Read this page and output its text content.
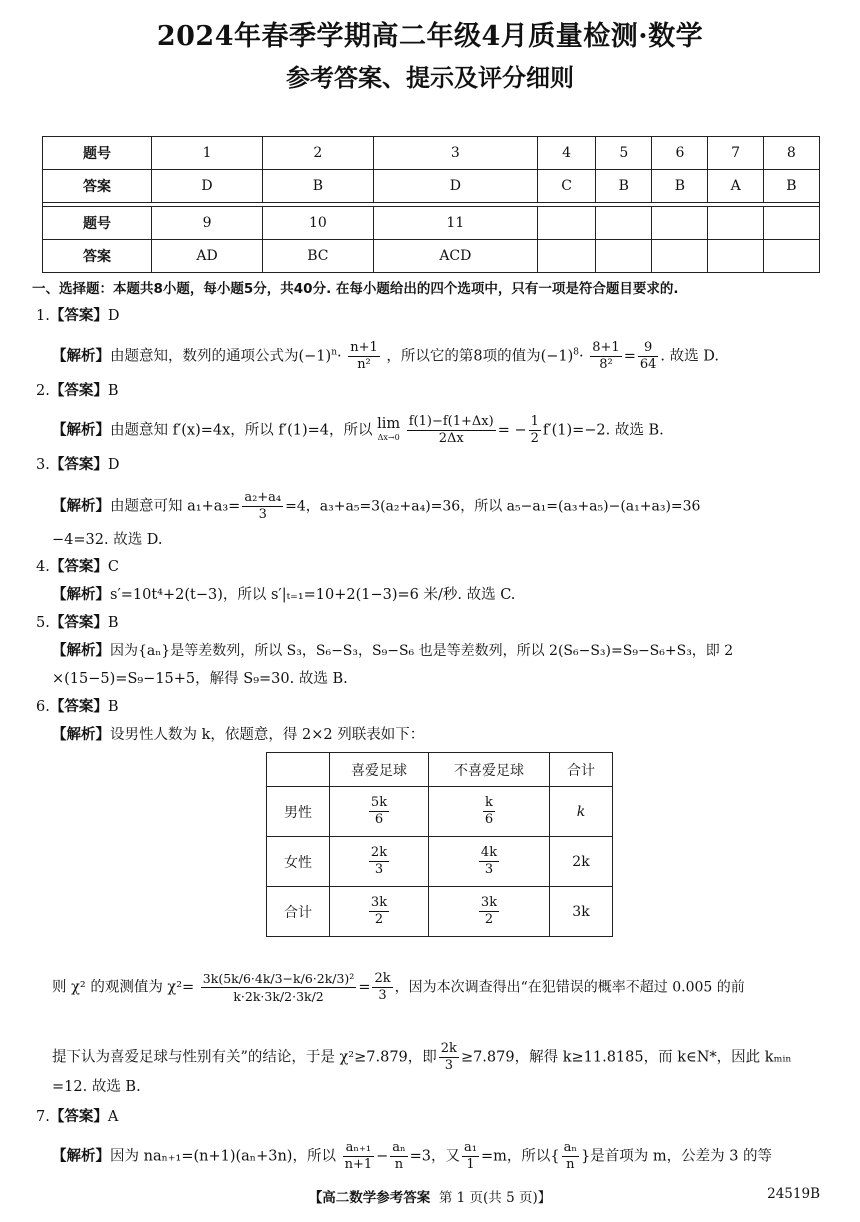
2024年春季学期高二年级4月质量检测·数学
参考答案、提示及评分细则
题号	1	2	3	4	5	6	7	8
答案	D	B	D	C	B	B	A	B

题号	9	10	11					
答案	AD	BC	ACD					
一、选择题：本题共8小题，每小题5分，共40分. 在每小题给出的四个选项中，只有一项是符合题目要求的.
1.【答案】D
【解析】由题意知，数列的通项公式为$(-1)^n\cdot \frac{n+1}{\text{n²}}$ ，所以它的第8项的值为$(-1)^8\cdot \frac{8+1}{\text{8²}} = \frac{9}{64}$ . 故选 D.
2.【答案】B
【解析】由题意知 f′(x)=4x，所以 f′(1)=4，所以 lim
Δx→0
$\frac{f(1)-f(1+\Delta x)}{2\Delta x}$ = − $\frac{1}{2} f'(1)=-2$. 故选 B.
3.【答案】D
【解析】由题意可知 $a_1+a_3= \frac{\text{a₂+a₄}}{3} =4$，a₃+a₅=3(a₂+a₄)=36，所以 a₅−a₁=(a₃+a₅)−(a₁+a₃)=36
−4=32. 故选 D.
4.【答案】C
【解析】s′=10t⁴+2(t−3)，所以 s′|ₜ₌₁=10+2(1−3)=6 米/秒. 故选 C.
5.【答案】B
【解析】因为{aₙ}是等差数列，所以 S₃，S₆−S₃，S₉−S₆ 也是等差数列，所以 2(S₆−S₃)=S₉−S₆+S₃，即 2
×(15−5)=S₉−15+5，解得 S₉=30. 故选 B.
6.【答案】B
【解析】设男性人数为 k，依题意，得 2×2 列联表如下：
	喜爱足球	不喜爱足球	合计
男性	$\frac{5k}{6}$	$\frac{k}{6}$	k
女性	$\frac{2k}{3}$	$\frac{4k}{3}$	2k
合计	$\frac{3k}{2}$	$\frac{3k}{2}$	3k
则 χ² 的观测值为 $\chi^2= \frac{\text{3k(5k/6·4k/3−k/6·2k/3)²}}{k\cdot 2k\cdot 3k/2\cdot 3k/2} = \frac{2k}{3}$ ，因为本次调查得出“在犯错误的概率不超过 0.005 的前
提下认为喜爱足球与性别有关”的结论，于是 χ²≥7.879，即 $\frac{2k}{3} \ge 7.879$，解得 k≥11.8185，而 k∈N*，因此 kₘᵢₙ
=12. 故选 B.
7.【答案】A
【解析】因为 naₙ₊₁=(n+1)(aₙ+3n)，所以 $\frac{\text{aₙ₊₁}}{n+1} - \frac{\text{aₙ}}{n} =3$，又 $\frac{\text{a₁}}{1} =m$，所以{ $\frac{\text{aₙ}}{n}$ }是首项为 m，公差为 3 的等
【高二数学参考答案 第 1 页(共 5 页)】	24519B
